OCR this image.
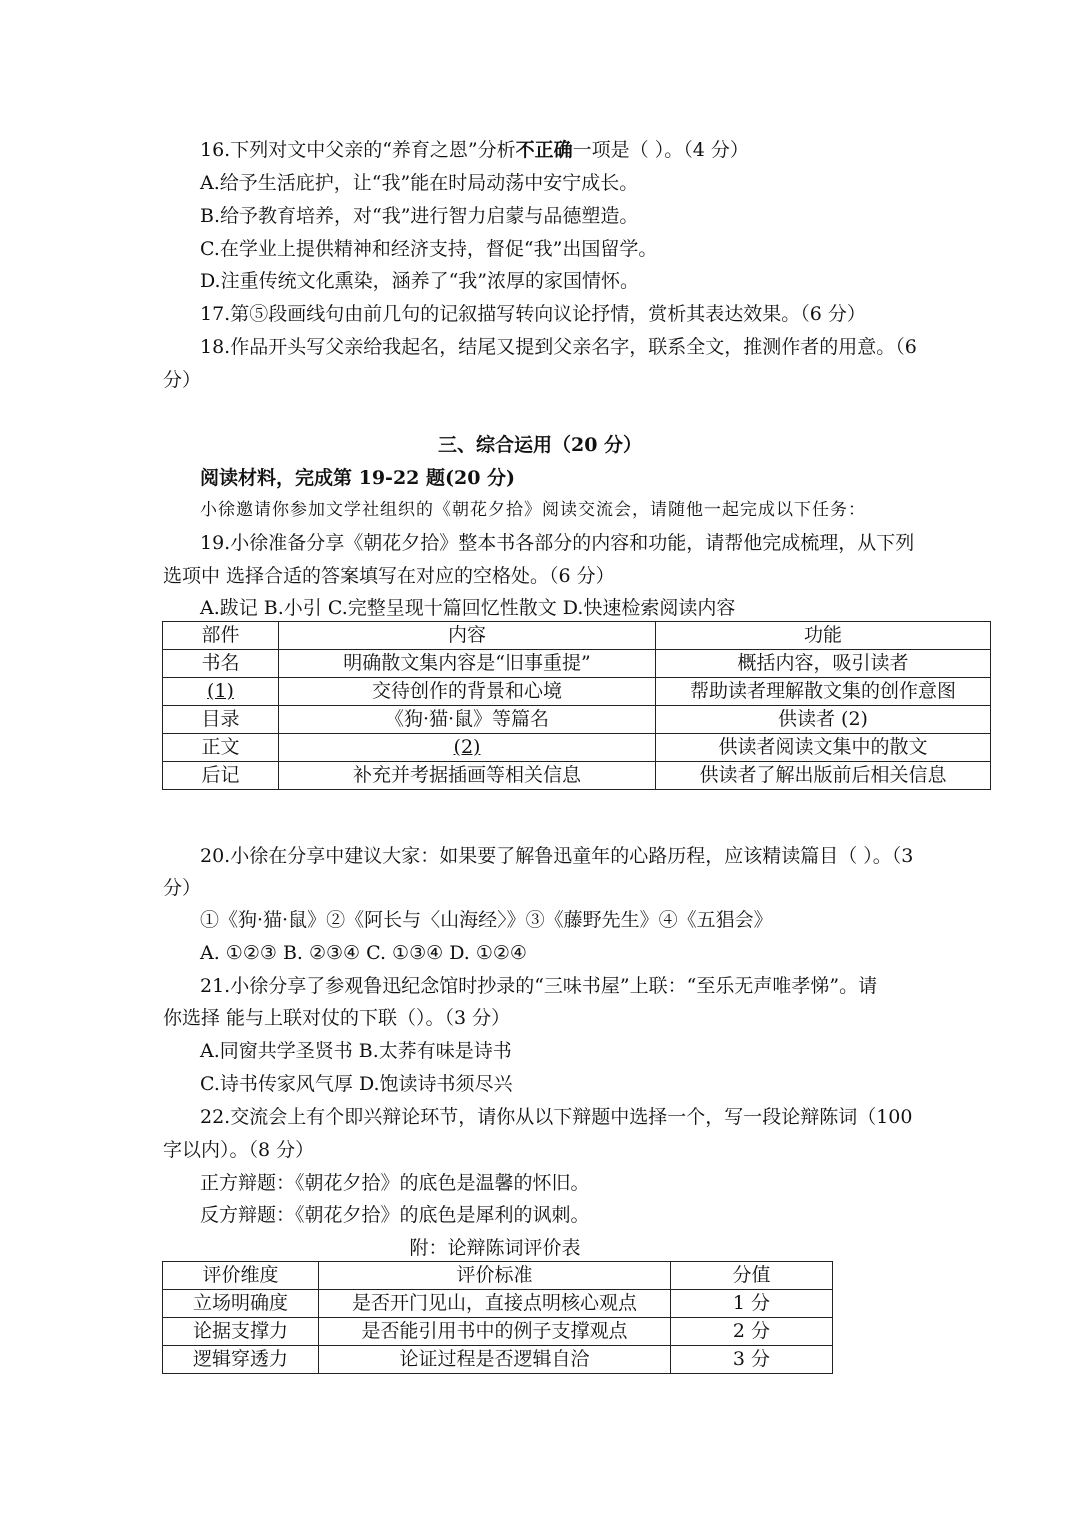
16.下列对文中父亲的“养育之恩”分析不正确一项是（ ）。（4 分）
A.给予生活庇护，让“我”能在时局动荡中安宁成长。
B.给予教育培养，对“我”进行智力启蒙与品德塑造。
C.在学业上提供精神和经济支持，督促“我”出国留学。
D.注重传统文化熏染，涵养了“我”浓厚的家国情怀。
17.第⑤段画线句由前几句的记叙描写转向议论抒情，赏析其表达效果。（6 分）
18.作品开头写父亲给我起名，结尾又提到父亲名字，联系全文，推测作者的用意。（6
分）
三、综合运用（20 分）
阅读材料，完成第 19-22 题(20 分)
小徐邀请你参加文学社组织的《朝花夕拾》阅读交流会，请随他一起完成以下任务：
19.小徐准备分享《朝花夕拾》整本书各部分的内容和功能，请帮他完成梳理，从下列
选项中 选择合适的答案填写在对应的空格处。（6 分）
A.跋记 B.小引 C.完整呈现十篇回忆性散文 D.快速检索阅读内容
部件	内容	功能
书名	明确散文集内容是“旧事重提”	概括内容，吸引读者
(1)	交待创作的背景和心境	帮助读者理解散文集的创作意图
目录	《狗·猫·鼠》等篇名	供读者 (2)
正文	(2)	供读者阅读文集中的散文
后记	补充并考据插画等相关信息	供读者了解出版前后相关信息
20.小徐在分享中建议大家：如果要了解鲁迅童年的心路历程，应该精读篇目（ ）。（3
分）
①《狗·猫·鼠》②《阿长与〈山海经〉》③《藤野先生》④《五猖会》
A. ①②③ B. ②③④ C. ①③④ D. ①②④
21.小徐分享了参观鲁迅纪念馆时抄录的“三味书屋”上联：“至乐无声唯孝悌”。请
你选择 能与上联对仗的下联（）。（3 分）
A.同窗共学圣贤书 B.太荞有味是诗书
C.诗书传家风气厚 D.饱读诗书须尽兴
22.交流会上有个即兴辩论环节，请你从以下辩题中选择一个，写一段论辩陈词（100
字以内）。（8 分）
正方辩题：《朝花夕拾》的底色是温馨的怀旧。
反方辩题：《朝花夕拾》的底色是犀利的讽刺。
附：论辩陈词评价表
评价维度	评价标准	分值
立场明确度	是否开门见山，直接点明核心观点	1 分
论据支撑力	是否能引用书中的例子支撑观点	2 分
逻辑穿透力	论证过程是否逻辑自洽	3 分
